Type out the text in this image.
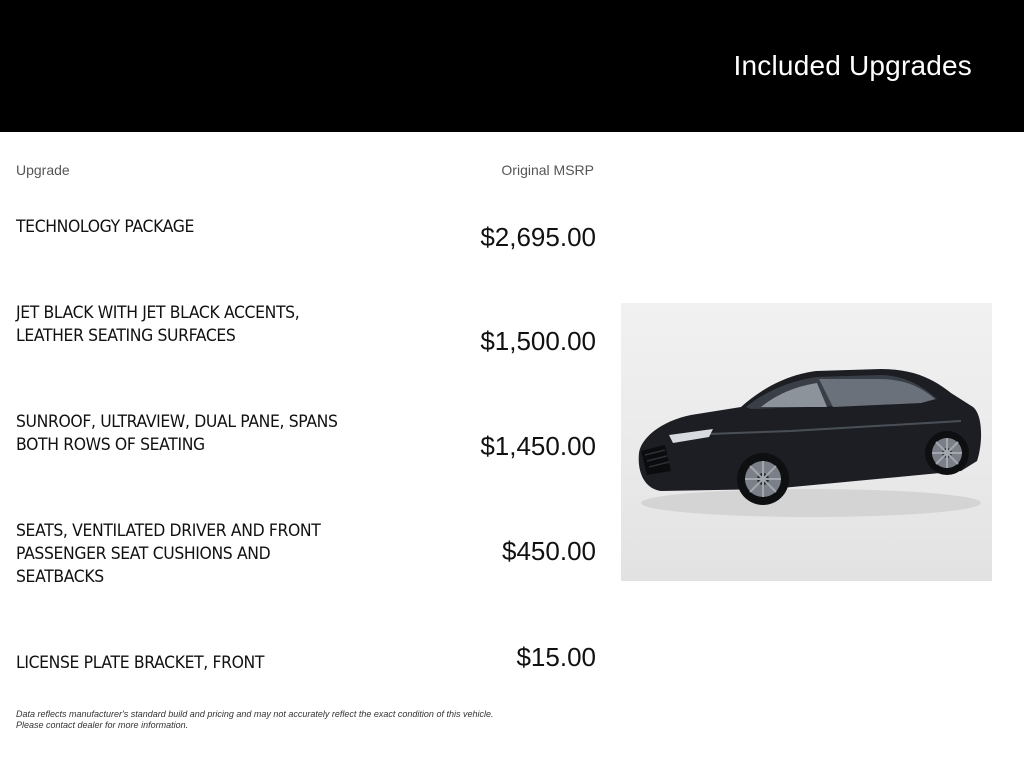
Included Upgrades
Upgrade	Original MSRP
TECHNOLOGY PACKAGE	$2,695.00
JET BLACK WITH JET BLACK ACCENTS,
LEATHER SEATING SURFACES	$1,500.00
SUNROOF, ULTRAVIEW, DUAL PANE, SPANS
BOTH ROWS OF SEATING	$1,450.00
SEATS, VENTILATED DRIVER AND FRONT
PASSENGER SEAT CUSHIONS AND
SEATBACKS
$450.00
LICENSE PLATE BRACKET, FRONT	$15.00
Data reflects manufacturer's standard build and pricing and may not accurately reflect the exact condition of this vehicle.
Please contact dealer for more information.
